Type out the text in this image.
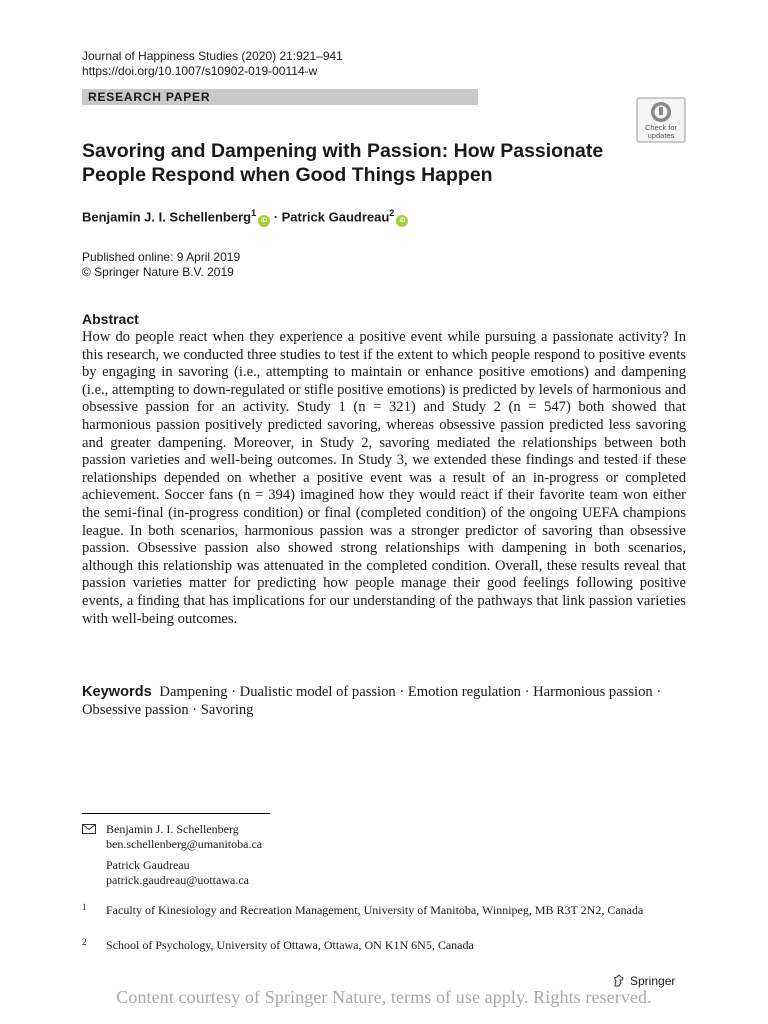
Journal of Happiness Studies (2020) 21:921–941
https://doi.org/10.1007/s10902-019-00114-w
RESEARCH PAPER
Check for
updates
Savoring and Dampening with Passion: How Passionate People Respond when Good Things Happen
Benjamin J. I. Schellenberg$^1$iD · Patrick Gaudreau$^2$iD
Published online: 9 April 2019
© Springer Nature B.V. 2019
Abstract

How do people react when they experience a positive event while pursuing a passionate activity? In this research, we conducted three studies to test if the extent to which people respond to positive events by engaging in savoring (i.e., attempting to maintain or enhance positive emotions) and dampening (i.e., attempting to down-regulated or stifle positive emotions) is predicted by levels of harmonious and obsessive passion for an activity. Study 1 (n = 321) and Study 2 (n = 547) both showed that harmonious passion positively predicted savoring, whereas obsessive passion predicted less savoring and greater dampening. Moreover, in Study 2, savoring mediated the relationships between both passion varieties and well-being outcomes. In Study 3, we extended these findings and tested if these relationships depended on whether a positive event was a result of an in-progress or completed achievement. Soccer fans (n = 394) imagined how they would react if their favorite team won either the semi-final (in-progress condition) or final (completed condition) of the ongoing UEFA champions league. In both scenarios, harmonious passion was a stronger predictor of savoring than obsessive passion. Obsessive passion also showed strong relationships with dampening in both scenarios, although this relationship was attenuated in the completed condition. Overall, these results reveal that passion varieties matter for predicting how people manage their good feelings following positive events, a finding that has implications for our understanding of the pathways that link passion varieties with well-being outcomes.

Keywords Dampening · Dualistic model of passion · Emotion regulation · Harmonious passion · Obsessive passion · Savoring
Benjamin J. I. Schellenberg
ben.schellenberg@umanitoba.ca
Patrick Gaudreau
patrick.gaudreau@uottawa.ca
1 Faculty of Kinesiology and Recreation Management, University of Manitoba, Winnipeg, MB R3T 2N2, Canada
2 School of Psychology, University of Ottawa, Ottawa, ON K1N 6N5, Canada
Springer
Content courtesy of Springer Nature, terms of use apply. Rights reserved.
